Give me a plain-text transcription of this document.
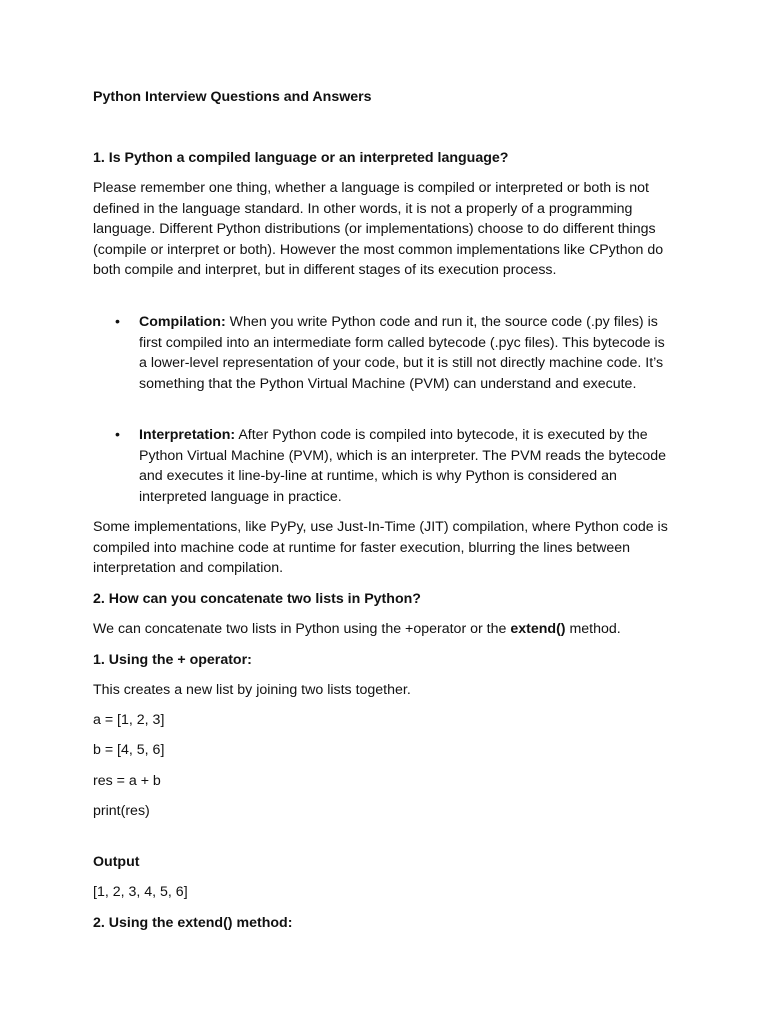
Python Interview Questions and Answers

1. Is Python a compiled language or an interpreted language?

Please remember one thing, whether a language is compiled or interpreted or both is not defined in the language standard. In other words, it is not a properly of a programming language. Different Python distributions (or implementations) choose to do different things (compile or interpret or both). However the most common implementations like CPython do both compile and interpret, but in different stages of its execution process.

• Compilation: When you write Python code and run it, the source code (.py files) is first compiled into an intermediate form called bytecode (.pyc files). This bytecode is a lower-level representation of your code, but it is still not directly machine code. It’s something that the Python Virtual Machine (PVM) can understand and execute.

• Interpretation: After Python code is compiled into bytecode, it is executed by the Python Virtual Machine (PVM), which is an interpreter. The PVM reads the bytecode and executes it line-by-line at runtime, which is why Python is considered an interpreted language in practice.

Some implementations, like PyPy, use Just-In-Time (JIT) compilation, where Python code is compiled into machine code at runtime for faster execution, blurring the lines between interpretation and compilation.

2. How can you concatenate two lists in Python?

We can concatenate two lists in Python using the +operator or the extend() method.

1. Using the + operator:

This creates a new list by joining two lists together.

a = [1, 2, 3]

b = [4, 5, 6]

res = a + b

print(res)

Output

[1, 2, 3, 4, 5, 6]

2. Using the extend() method:
